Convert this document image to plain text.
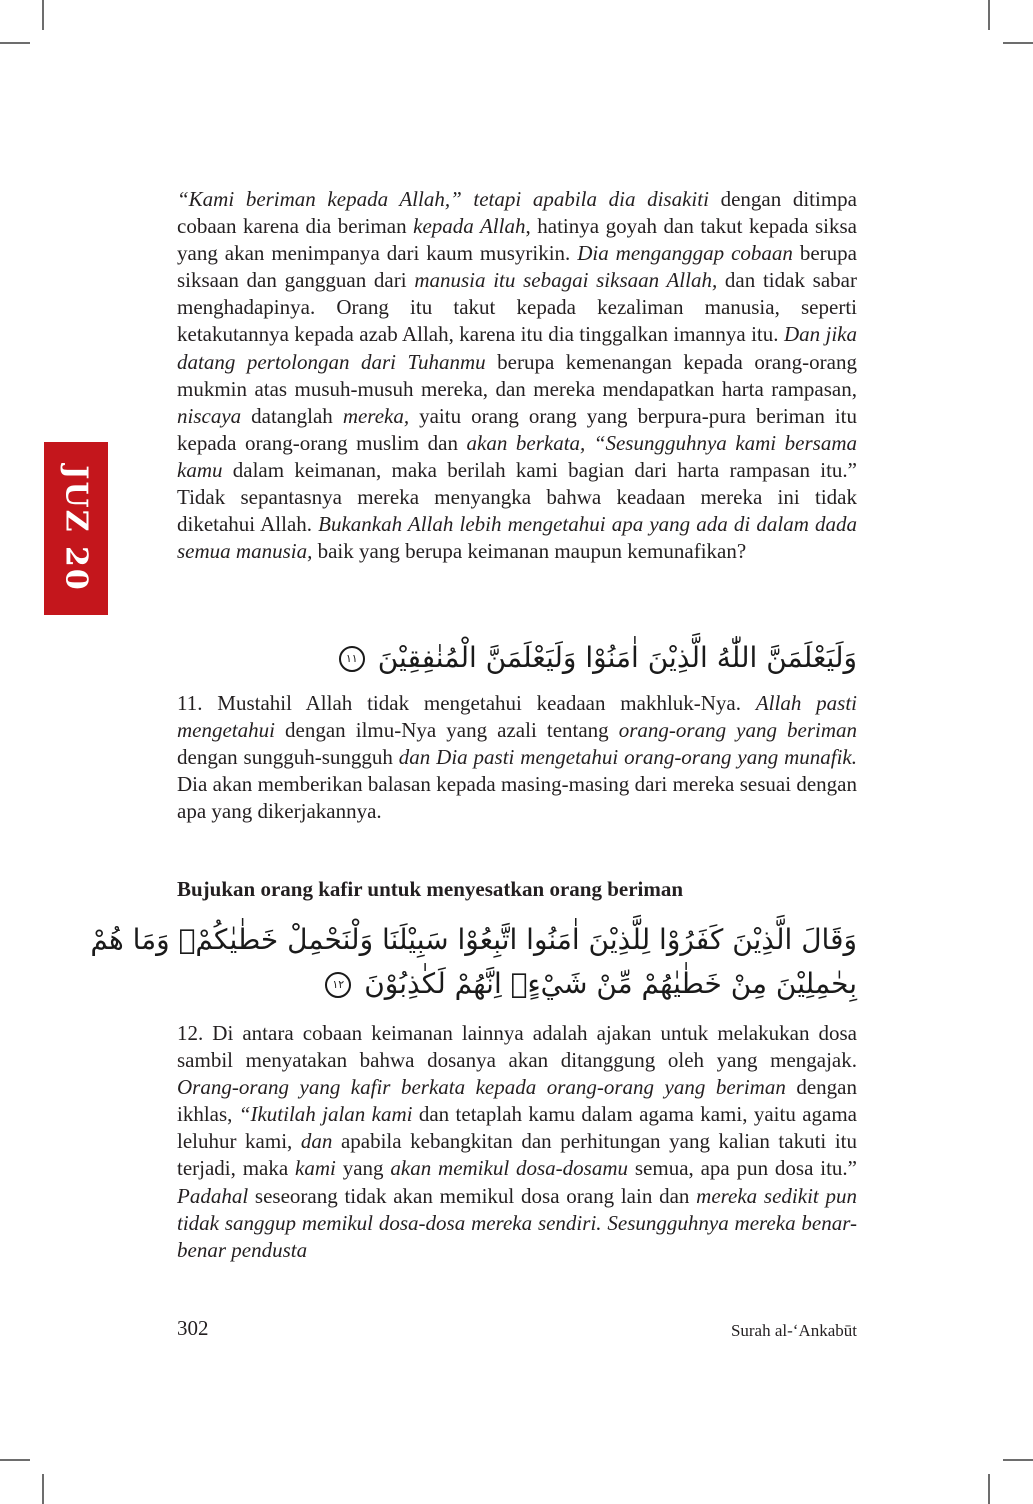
JUZ 20

“Kami beriman kepada Allah,” tetapi apabila dia disakiti dengan ditimpa cobaan karena dia beriman kepada Allah, hatinya goyah dan takut kepada siksa yang akan menimpanya dari kaum musyrikin. Dia menganggap cobaan berupa siksaan dan gangguan dari manusia itu sebagai siksaan Allah, dan tidak sabar menghadapinya. Orang itu takut kepada kezaliman manusia, seperti ketakutannya kepada azab Allah, karena itu dia tinggalkan imannya itu. Dan jika datang pertolongan dari Tuhanmu berupa kemenangan kepada orang-orang mukmin atas musuh-musuh mereka, dan mereka mendapatkan harta rampasan, niscaya datanglah mereka, yaitu orang orang yang berpura-pura beriman itu kepada orang-orang muslim dan akan berkata, “Sesungguhnya kami bersama kamu dalam keimanan, maka berilah kami bagian dari harta rampasan itu.” Tidak sepantasnya mereka menyangka bahwa keadaan mereka ini tidak diketahui Allah. Bukankah Allah lebih mengetahui apa yang ada di dalam dada semua manusia, baik yang berupa keimanan maupun kemunafikan?

وَلَيَعْلَمَنَّ اللّٰهُ الَّذِيْنَ اٰمَنُوْا وَلَيَعْلَمَنَّ الْمُنٰفِقِيْنَ ١١

11. Mustahil Allah tidak mengetahui keadaan makhluk-Nya. Allah pasti mengetahui dengan ilmu-Nya yang azali tentang orang-orang yang beriman dengan sungguh-sungguh dan Dia pasti mengetahui orang-orang yang munafik. Dia akan memberikan balasan kepada masing-masing dari mereka sesuai dengan apa yang dikerjakannya.

Bujukan orang kafir untuk menyesatkan orang beriman
وَقَالَ الَّذِيْنَ كَفَرُوْا لِلَّذِيْنَ اٰمَنُوا اتَّبِعُوْا سَبِيْلَنَا وَلْنَحْمِلْ خَطٰيٰكُمْۗ وَمَا هُمْ
بِحٰمِلِيْنَ مِنْ خَطٰيٰهُمْ مِّنْ شَيْءٍۗ اِنَّهُمْ لَكٰذِبُوْنَ ١٢

12. Di antara cobaan keimanan lainnya adalah ajakan untuk melakukan dosa sambil menyatakan bahwa dosanya akan ditanggung oleh yang mengajak. Orang-orang yang kafir berkata kepada orang-orang yang beriman dengan ikhlas, “Ikutilah jalan kami dan tetaplah kamu dalam agama kami, yaitu agama leluhur kami, dan apabila kebangkitan dan perhitungan yang kalian takuti itu terjadi, maka kami yang akan memikul dosa-dosamu semua, apa pun dosa itu.” Padahal seseorang tidak akan memikul dosa orang lain dan mereka sedikit pun tidak sanggup memikul dosa-dosa mereka sendiri. Sesungguhnya mereka benar-benar pendusta

302	Surah al-‘Ankabūt
